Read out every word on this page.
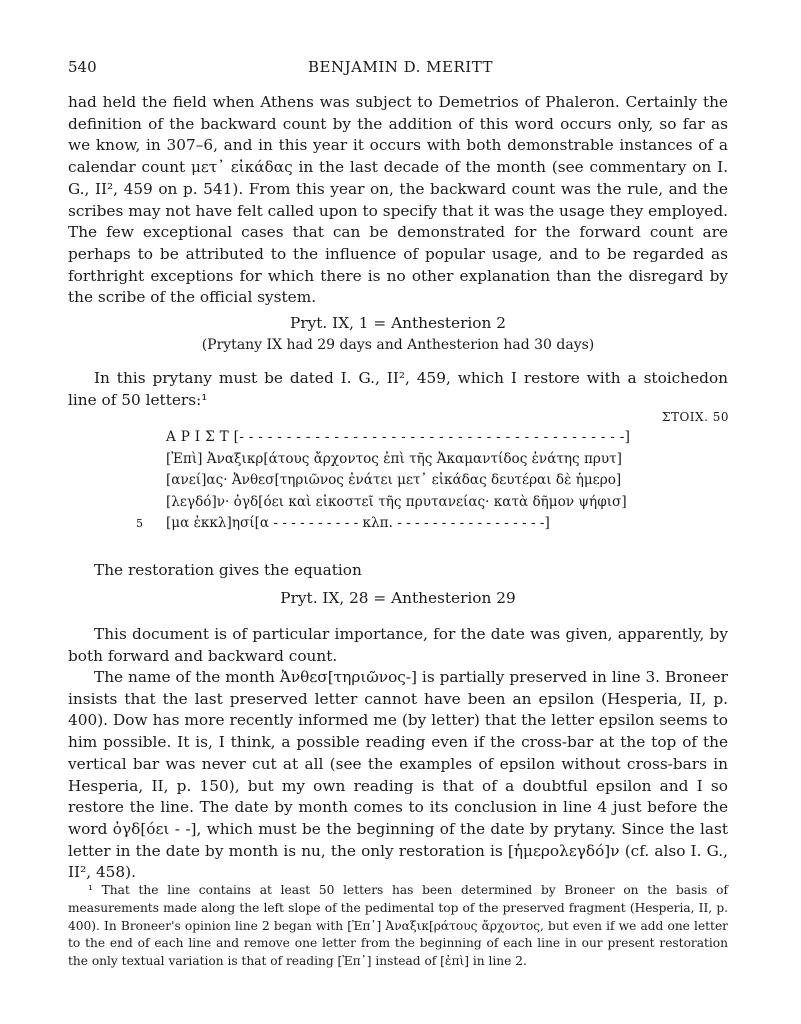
540	BENJAMIN D. MERITT
had held the field when Athens was subject to Demetrios of Phaleron. Certainly the definition of the backward count by the addition of this word occurs only, so far as we know, in 307–6, and in this year it occurs with both demonstrable instances of a calendar count μετ᾽ εἰκάδας in the last decade of the month (see commentary on I. G., II², 459 on p. 541). From this year on, the backward count was the rule, and the scribes may not have felt called upon to specify that it was the usage they employed. The few exceptional cases that can be demonstrated for the forward count are perhaps to be attributed to the influence of popular usage, and to be regarded as forthright exceptions for which there is no other explanation than the disregard by the scribe of the official system.
Pryt. IX, 1 = Anthesterion 2
(Prytany IX had 29 days and Anthesterion had 30 days)
In this prytany must be dated I. G., II², 459, which I restore with a stoichedon line of 50 letters:¹
ΣΤΟΙΧ. 50
Α Ρ Ι Σ Τ [- - - - - - - - - - - - - - - - - - - - - - - - - - - - - - - - - - - - - - - - -]
[Ἐπὶ] Ἀναξικρ[άτους ἄρχοντος ἐπὶ τῆς Ἀκαμαντίδος ἐνάτης πρυτ]
[ανεί]ας· Ἀνθεσ[τηριῶνος ἐνάτει μετ᾽ εἰκάδας δευτέραι δὲ ἡμερο]
[λεγδό]ν· ὀγδ[όει καὶ εἰκοστεῖ τῆς πρυτανείας· κατὰ δῆμον ψήφισ]
5	[μα ἐκκλ]ησί[α - - - - - - - - - - κλπ. - - - - - - - - - - - - - - - - -]
The restoration gives the equation
Pryt. IX, 28 = Anthesterion 29
This document is of particular importance, for the date was given, apparently, by both forward and backward count.
The name of the month Ἀνθεσ[τηριῶνος-] is partially preserved in line 3. Broneer insists that the last preserved letter cannot have been an epsilon (Hesperia, II, p. 400). Dow has more recently informed me (by letter) that the letter epsilon seems to him possible. It is, I think, a possible reading even if the cross-bar at the top of the vertical bar was never cut at all (see the examples of epsilon without cross-bars in Hesperia, II, p. 150), but my own reading is that of a doubtful epsilon and I so restore the line. The date by month comes to its conclusion in line 4 just before the word ὀγδ[όει - -], which must be the beginning of the date by prytany. Since the last letter in the date by month is nu, the only restoration is [ἡμερολεγδό]ν (cf. also I. G., II², 458).
¹ That the line contains at least 50 letters has been determined by Broneer on the basis of measurements made along the left slope of the pedimental top of the preserved fragment (Hesperia, II, p. 400). In Broneer's opinion line 2 began with [Ἐπ᾽] Ἀναξικ[ράτους ἄρχοντος, but even if we add one letter to the end of each line and remove one letter from the beginning of each line in our present restoration the only textual variation is that of reading [Ἐπ᾽] instead of [ἐπὶ] in line 2.
